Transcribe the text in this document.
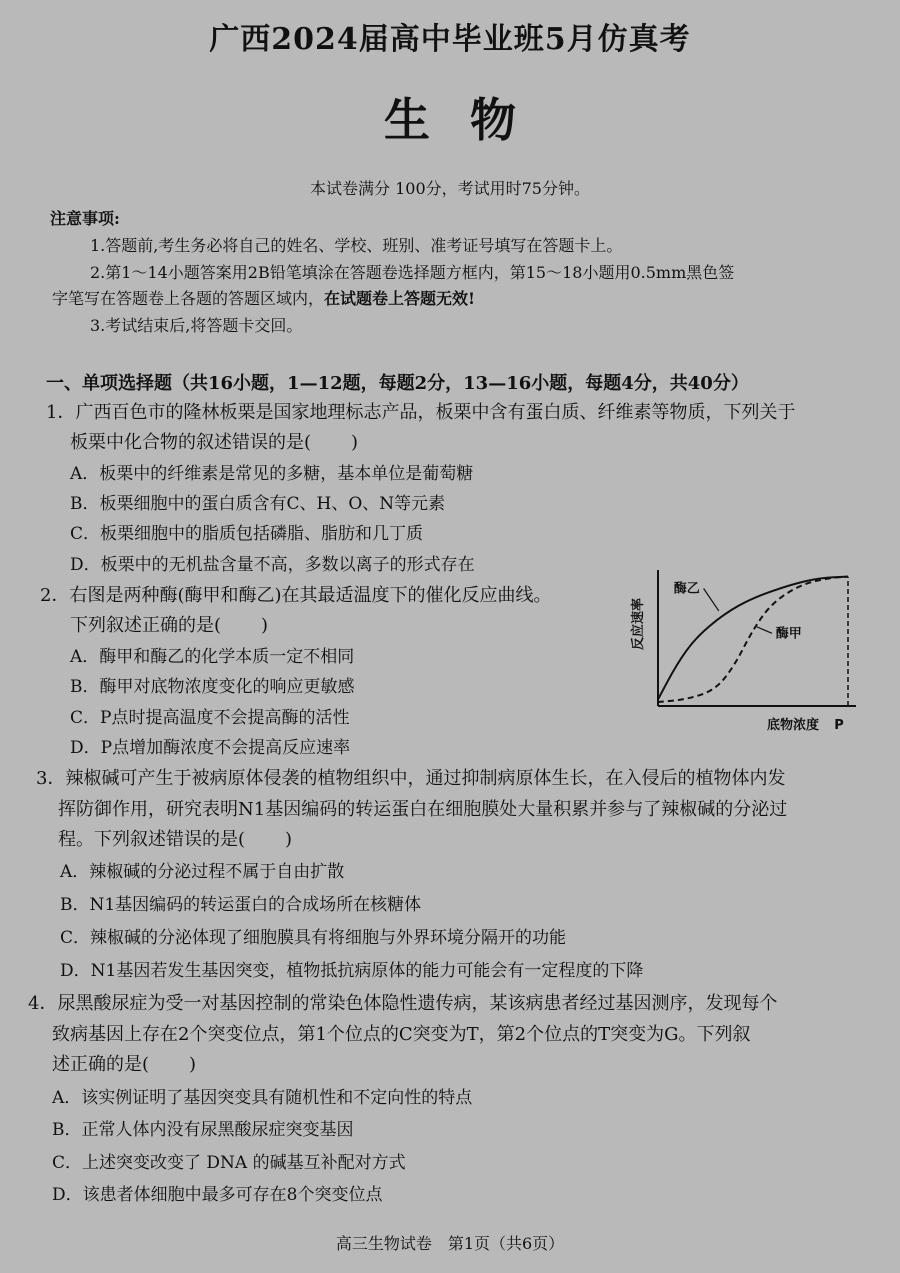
广西2024届高中毕业班5月仿真考
生物
本试卷满分 100分，考试用时75分钟。
注意事项:
1.答题前,考生务必将自己的姓名、学校、班别、准考证号填写在答题卡上。
2.第1～14小题答案用2B铅笔填涂在答题卷选择题方框内，第15～18小题用0.5mm黑色签
字笔写在答题卷上各题的答题区域内，在试题卷上答题无效!
3.考试结束后,将答题卡交回。
一、单项选择题（共16小题，1—12题，每题2分，13—16小题，每题4分，共40分）
1．广西百色市的隆林板栗是国家地理标志产品，板栗中含有蛋白质、纤维素等物质，下列关于
板栗中化合物的叙述错误的是( )
A．板栗中的纤维素是常见的多糖，基本单位是葡萄糖
B．板栗细胞中的蛋白质含有C、H、O、N等元素
C．板栗细胞中的脂质包括磷脂、脂肪和几丁质
D．板栗中的无机盐含量不高，多数以离子的形式存在
2．右图是两种酶(酶甲和酶乙)在其最适温度下的催化反应曲线。
下列叙述正确的是( )
A．酶甲和酶乙的化学本质一定不相同
B．酶甲对底物浓度变化的响应更敏感
C．P点时提高温度不会提高酶的活性
D．P点增加酶浓度不会提高反应速率
酶乙
酶甲
反应速率
底物浓度 P
3．辣椒碱可产生于被病原体侵袭的植物组织中，通过抑制病原体生长，在入侵后的植物体内发
挥防御作用，研究表明N1基因编码的转运蛋白在细胞膜处大量积累并参与了辣椒碱的分泌过
程。下列叙述错误的是( )
A．辣椒碱的分泌过程不属于自由扩散
B．N1基因编码的转运蛋白的合成场所在核糖体
C．辣椒碱的分泌体现了细胞膜具有将细胞与外界环境分隔开的功能
D．N1基因若发生基因突变，植物抵抗病原体的能力可能会有一定程度的下降
4．尿黑酸尿症为受一对基因控制的常染色体隐性遗传病，某该病患者经过基因测序，发现每个
致病基因上存在2个突变位点，第1个位点的C突变为T，第2个位点的T突变为G。下列叙
述正确的是( )
A．该实例证明了基因突变具有随机性和不定向性的特点
B．正常人体内没有尿黑酸尿症突变基因
C．上述突变改变了 DNA 的碱基互补配对方式
D．该患者体细胞中最多可存在8个突变位点
高三生物试卷　第1页（共6页）
